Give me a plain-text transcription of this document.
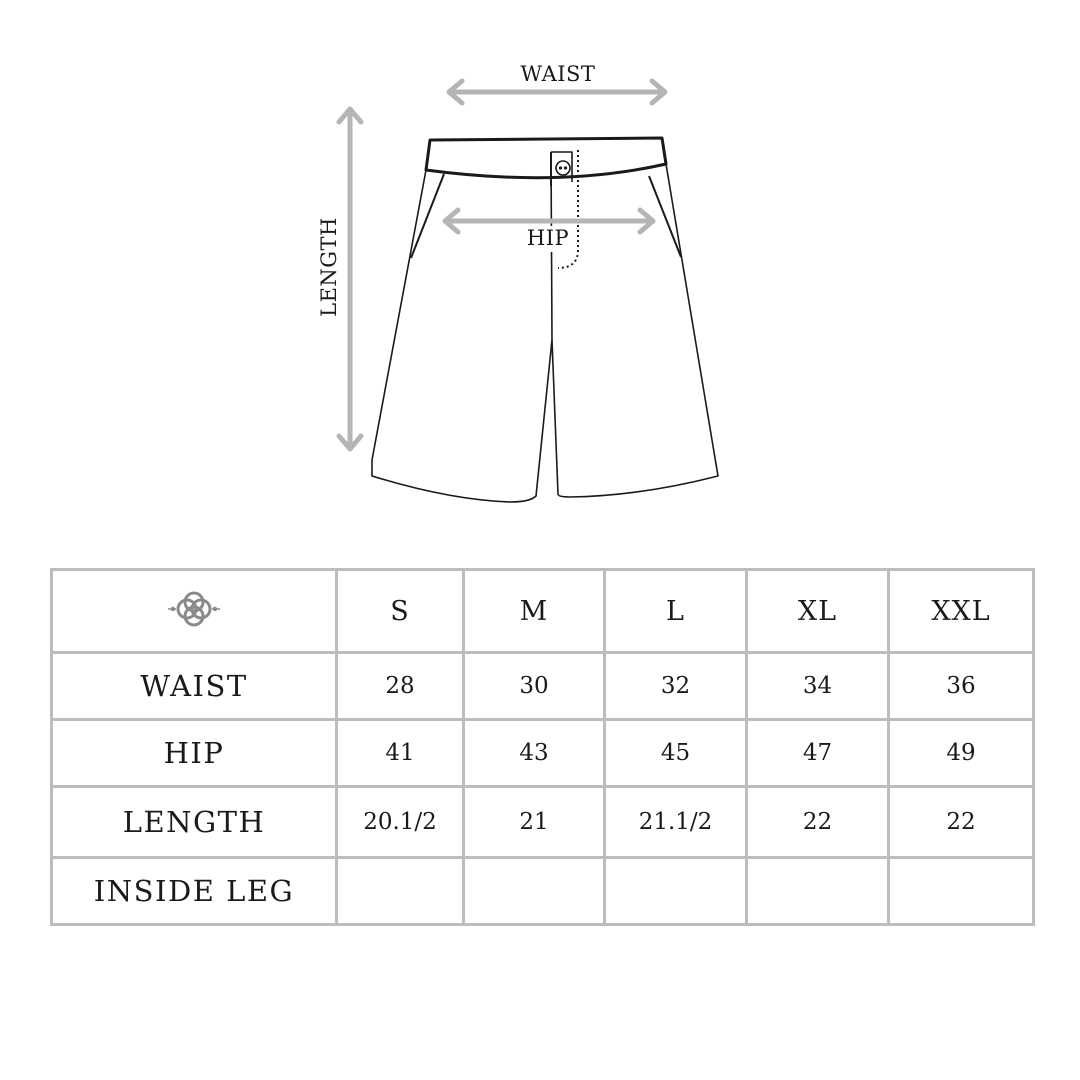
WAIST
LENGTH	HIP
	S	M	L	XL	XXL
WAIST	28	30	32	34	36
HIP	41	43	45	47	49
LENGTH	20.1/2	21	21.1/2	22	22
INSIDE LEG					
